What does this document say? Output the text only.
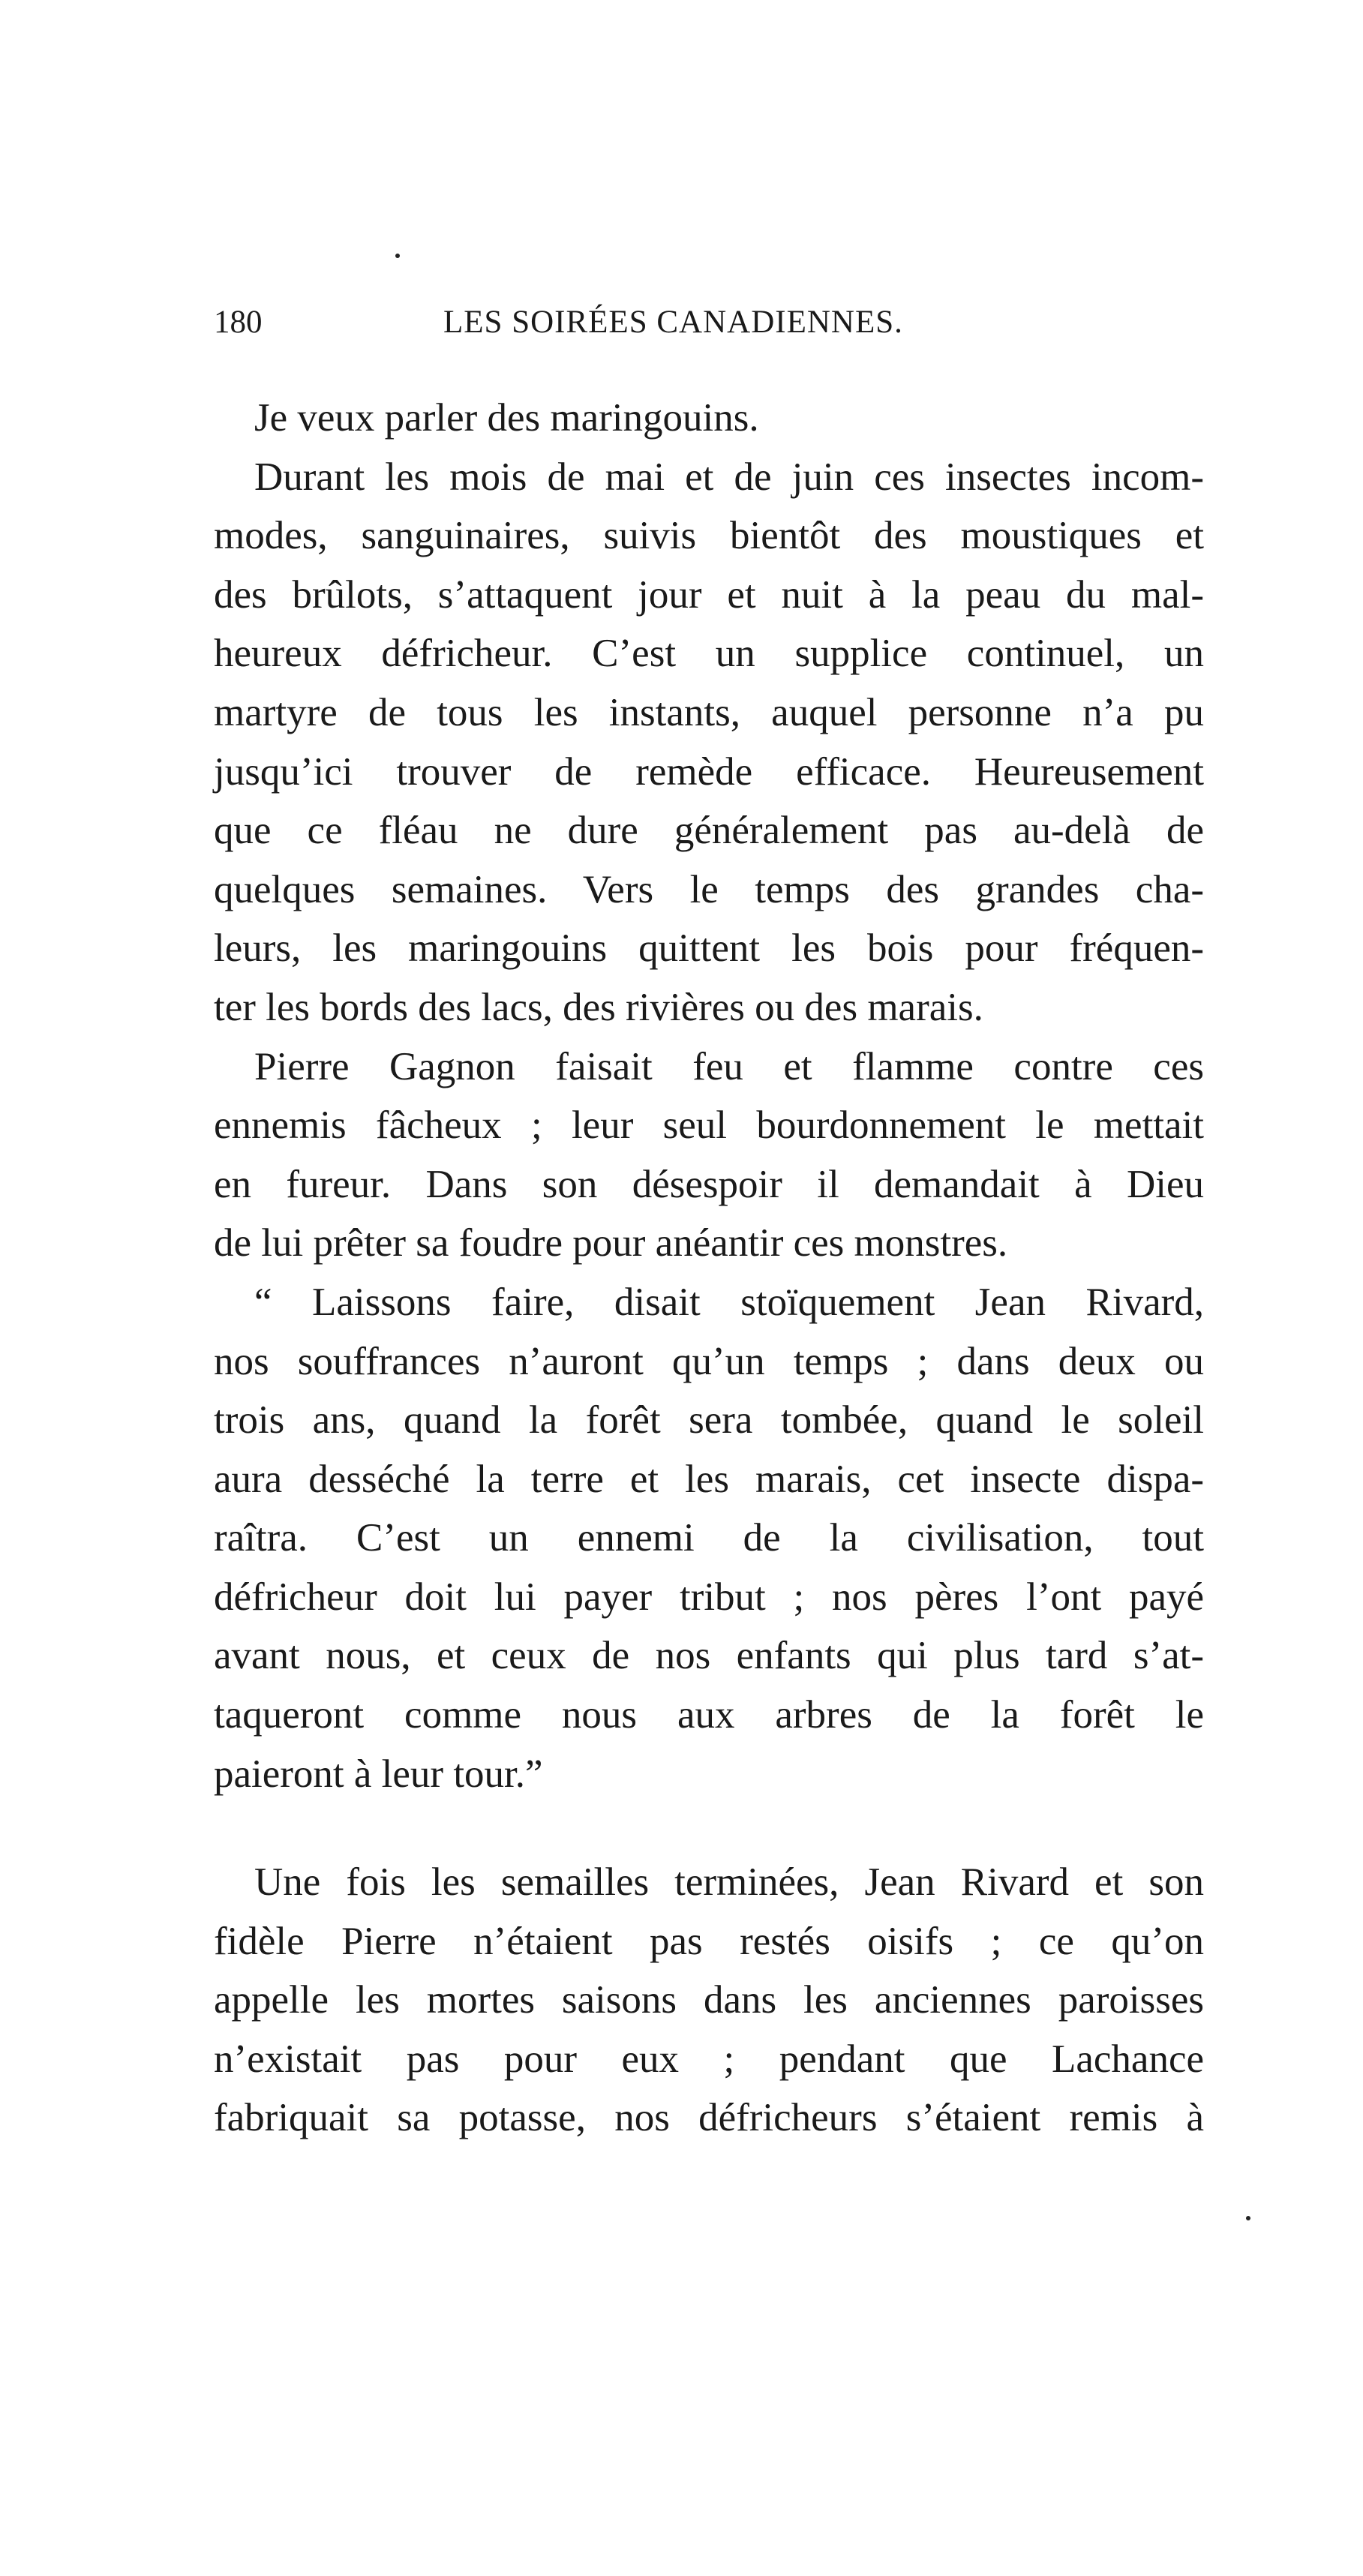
180	LES SOIRÉES CANADIENNES.
Je veux parler des maringouins.
Durant les mois de mai et de juin ces insectes incom-
modes, sanguinaires, suivis bientôt des moustiques et
des brûlots, s’attaquent jour et nuit à la peau du mal-
heureux défricheur. C’est un supplice continuel, un
martyre de tous les instants, auquel personne n’a pu
jusqu’ici trouver de remède efficace. Heureusement
que ce fléau ne dure généralement pas au-delà de
quelques semaines. Vers le temps des grandes cha-
leurs, les maringouins quittent les bois pour fréquen-
ter les bords des lacs, des rivières ou des marais.
Pierre Gagnon faisait feu et flamme contre ces
ennemis fâcheux ; leur seul bourdonnement le mettait
en fureur. Dans son désespoir il demandait à Dieu
de lui prêter sa foudre pour anéantir ces monstres.
“ Laissons faire, disait stoïquement Jean Rivard,
nos souffrances n’auront qu’un temps ; dans deux ou
trois ans, quand la forêt sera tombée, quand le soleil
aura desséché la terre et les marais, cet insecte dispa-
raîtra. C’est un ennemi de la civilisation, tout
défricheur doit lui payer tribut ; nos pères l’ont payé
avant nous, et ceux de nos enfants qui plus tard s’at-
taqueront comme nous aux arbres de la forêt le
paieront à leur tour.”
Une fois les semailles terminées, Jean Rivard et son
fidèle Pierre n’étaient pas restés oisifs ; ce qu’on
appelle les mortes saisons dans les anciennes paroisses
n’existait pas pour eux ; pendant que Lachance
fabriquait sa potasse, nos défricheurs s’étaient remis à
